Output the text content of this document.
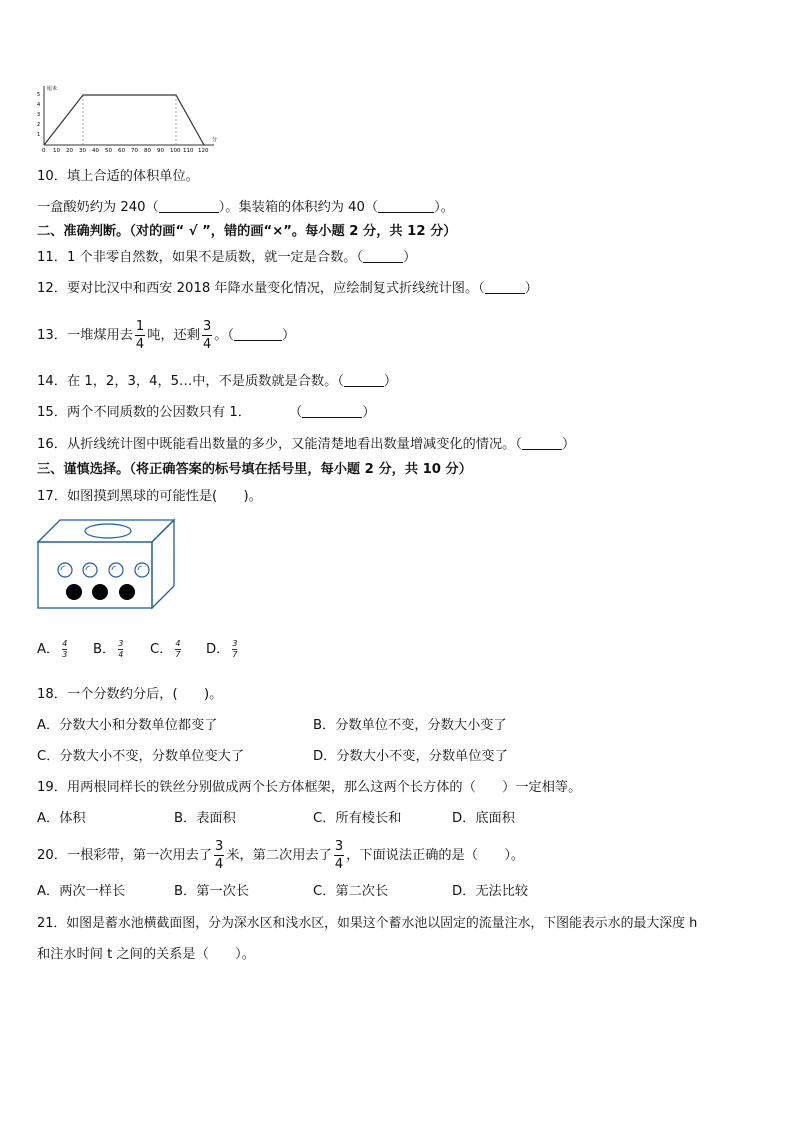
1
2
3
4
5
厘米
分
0 10 20 30 40 50 60 70 80 90 100 110 120
10．填上合适的体积单位。
一盒酸奶约为 240（	）。集装箱的体积约为 40（	）。
二、准确判断。（对的画“ √ ”，错的画“×”。每小题 2 分，共 12 分）
11．1 个非零自然数，如果不是质数，就一定是合数。（	）
12．要对比汉中和西安 2018 年降水量变化情况，应绘制复式折线统计图。（	）
13．一堆煤用去 $\frac{1}{4}$ 吨，还剩 $\frac{3}{4}$ 。（	）
14．在 1，2，3，4，5…中，不是质数就是合数。（	）
15．两个不同质数的公因数只有 1．	（	）
16．从折线统计图中既能看出数量的多少，又能清楚地看出数量增减变化的情况。（	）
三、谨慎选择。（将正确答案的标号填在括号里，每小题 2 分，共 10 分）
17．如图摸到黑球的可能性是(　　)。
A． $\frac{4}{3}$ B． $\frac{3}{4}$ C． $\frac{4}{7}$ D． $\frac{3}{7}$
18．一个分数约分后，(　　)。
A．分数大小和分数单位都变了	B．分数单位不变，分数大小变了
C．分数大小不变，分数单位变大了	D．分数大小不变，分数单位变了
19．用两根同样长的铁丝分别做成两个长方体框架，那么这两个长方体的（　　）一定相等。
A．体积	B．表面积	C．所有棱长和	D．底面积
20．一根彩带，第一次用去了 $\frac{3}{4}$ 米，第二次用去了 $\frac{3}{4}$ ，下面说法正确的是（　　）。
A．两次一样长	B．第一次长	C．第二次长	D．无法比较
21．如图是蓄水池横截面图，分为深水区和浅水区，如果这个蓄水池以固定的流量注水，下图能表示水的最大深度 h
和注水时间 t 之间的关系是（　　）。
